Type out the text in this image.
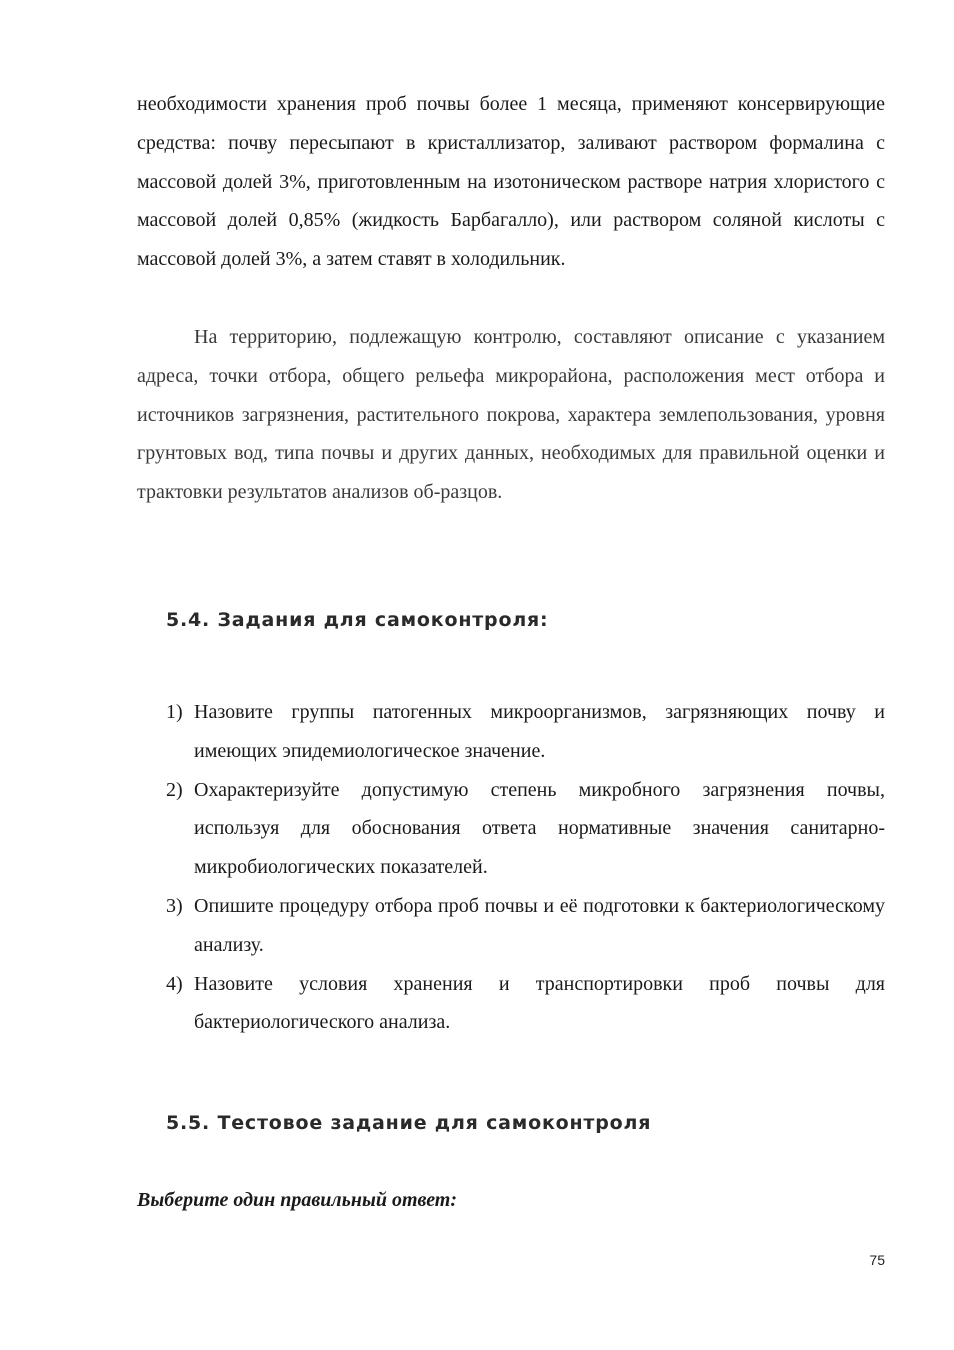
необходимости хранения проб почвы более 1 месяца, применяют консервирующие средства: почву пересыпают в кристаллизатор, заливают раствором формалина с массовой долей 3%, приготовленным на изотоническом растворе натрия хлористого с массовой долей 0,85% (жидкость Барбагалло), или раствором соляной кислоты с массовой долей 3%, а затем ставят в холодильник.

На территорию, подлежащую контролю, составляют описание с указанием адреса, точки отбора, общего рельефа микрорайона, расположения мест отбора и источников загрязнения, растительного покрова, характера землепользования, уровня грунтовых вод, типа почвы и других данных, необходимых для правильной оценки и трактовки результатов анализов об-разцов.

5.4. Задания для самоконтроля:
1) Назовите группы патогенных микроорганизмов, загрязняющих почву и имеющих эпидемиологическое значение.
2) Охарактеризуйте допустимую степень микробного загрязнения почвы, используя для обоснования ответа нормативные значения санитарно-микробиологических показателей.
3) Опишите процедуру отбора проб почвы и её подготовки к бактериологическому анализу.
4) Назовите условия хранения и транспортировки проб почвы для бактериологического анализа.
5.5. Тестовое задание для самоконтроля

Выберите один правильный ответ:

75
